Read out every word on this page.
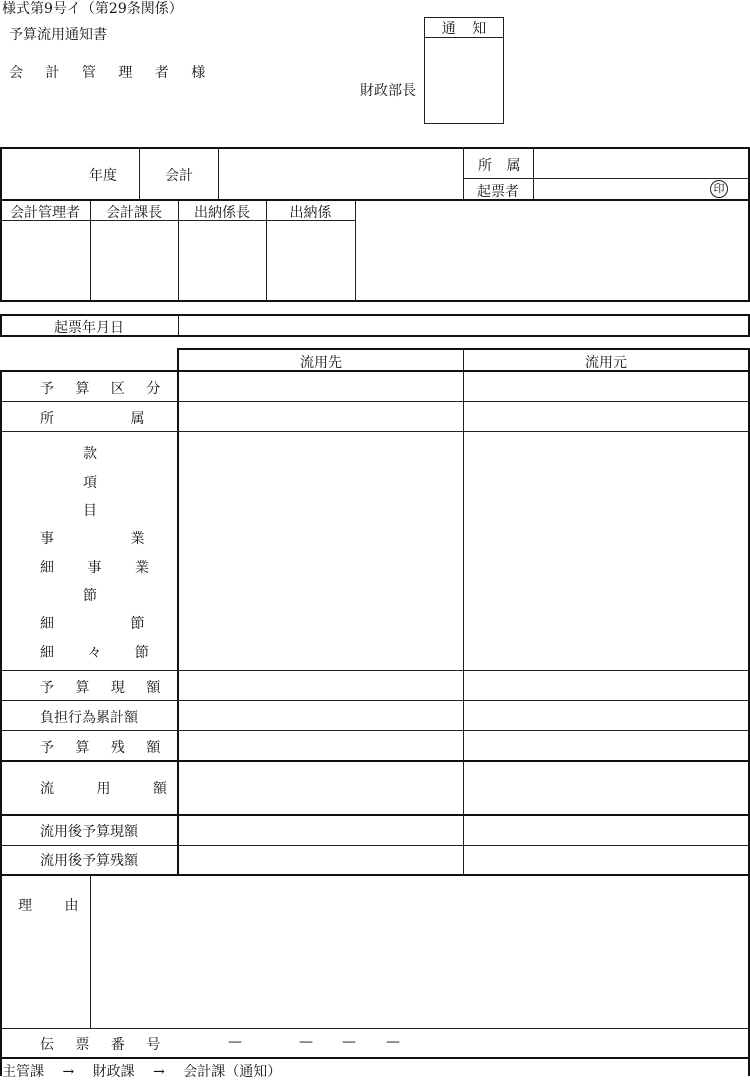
様式第9号イ（第29条関係）
予算流用通知書
会 計 管 理 者 様
財政部長
通 知
年度	会計
所 属
起票者	印
会計管理者	会計課長	出納係長	出納係
起票年月日
流用先	流用元
予 算 区 分
所 属
款
項
目
事 業
細 事 業
節
細 節
細 々 節
予 算 現 額
負担行為累計額
予 算 残 額
流 用 額
流用後予算現額
流用後予算残額
理 由
伝 票 番 号	—	— — —
主管課 → 財政課 → 会計課（通知）
